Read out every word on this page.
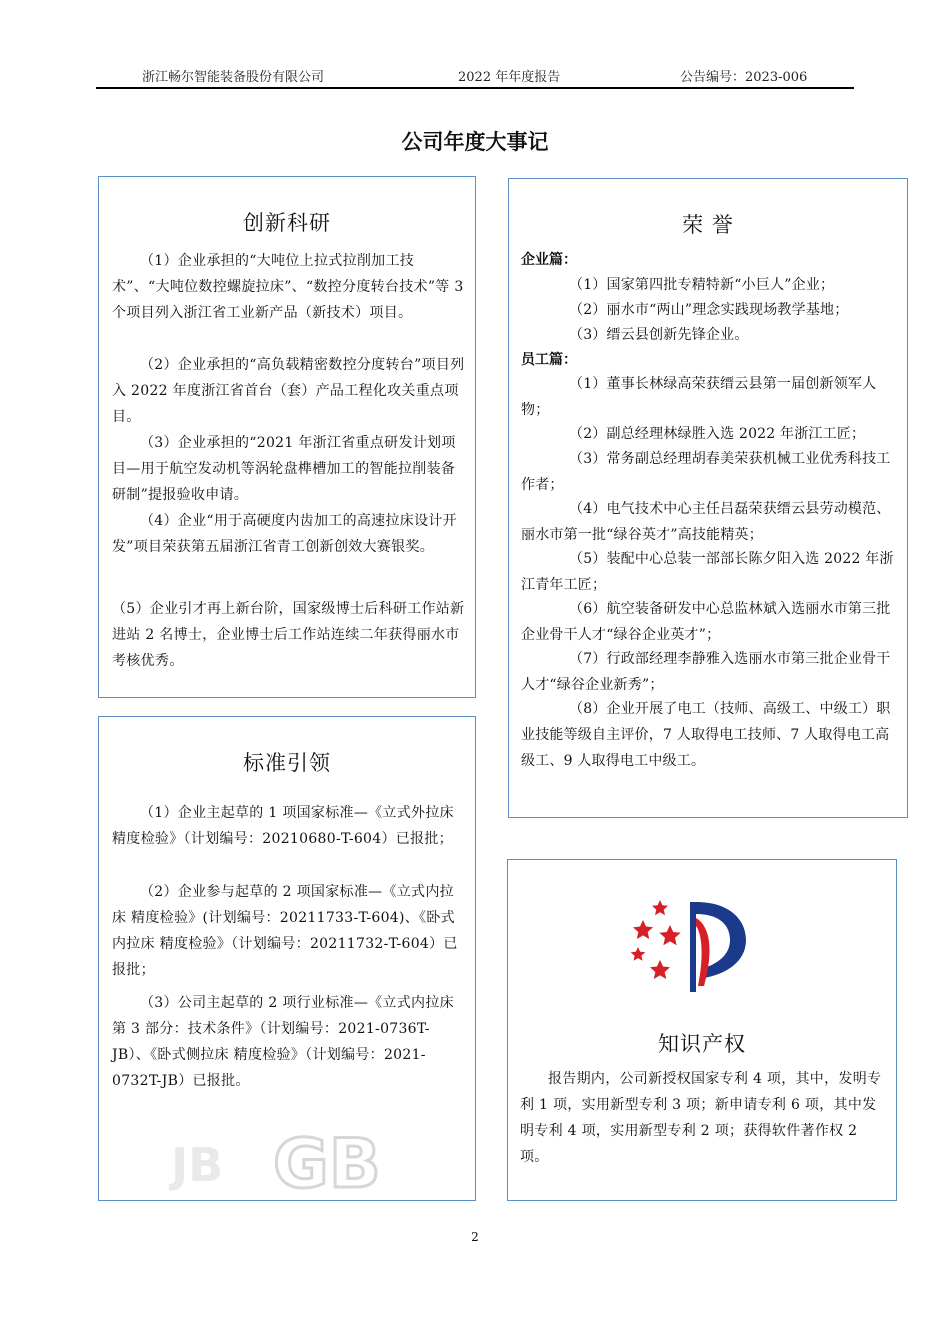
浙江畅尔智能装备股份有限公司	2022 年年度报告	公告编号：2023-006
公司年度大事记
创新科研
（1）企业承担的“大吨位上拉式拉削加工技术”、“大吨位数控螺旋拉床”、“数控分度转台技术”等 3 个项目列入浙江省工业新产品（新技术）项目。
（2）企业承担的“高负载精密数控分度转台”项目列入 2022 年度浙江省首台（套）产品工程化攻关重点项目。
（3）企业承担的“2021 年浙江省重点研发计划项目—用于航空发动机等涡轮盘榫槽加工的智能拉削装备研制”提报验收申请。
（4）企业“用于高硬度内齿加工的高速拉床设计开发”项目荣获第五届浙江省青工创新创效大赛银奖。
（5）企业引才再上新台阶，国家级博士后科研工作站新进站 2 名博士，企业博士后工作站连续二年获得丽水市考核优秀。
荣 誉
企业篇：
（1）国家第四批专精特新“小巨人”企业；
（2）丽水市“两山”理念实践现场教学基地；
（3）缙云县创新先锋企业。
员工篇：
（1）董事长林绿高荣获缙云县第一届创新领军人物；
（2）副总经理林绿胜入选 2022 年浙江工匠；
（3）常务副总经理胡春美荣获机械工业优秀科技工作者；
（4）电气技术中心主任吕磊荣获缙云县劳动模范、丽水市第一批“绿谷英才”高技能精英；
（5）装配中心总装一部部长陈夕阳入选 2022 年浙江青年工匠；
（6）航空装备研发中心总监林斌入选丽水市第三批企业骨干人才“绿谷企业英才”；
（7）行政部经理李静雅入选丽水市第三批企业骨干人才“绿谷企业新秀”；
（8）企业开展了电工（技师、高级工、中级工）职业技能等级自主评价，7 人取得电工技师、7 人取得电工高级工、9 人取得电工中级工。
标准引领
（1）企业主起草的 1 项国家标准—《立式外拉床 精度检验》（计划编号：20210680-T-604）已报批；
（2）企业参与起草的 2 项国家标准—《立式内拉床 精度检验》(计划编号：20211733-T-604)、《卧式内拉床 精度检验》（计划编号：20211732-T-604）已报批；
（3）公司主起草的 2 项行业标准—《立式内拉床 第 3 部分：技术条件》（计划编号：2021-0736T-JB）、《卧式侧拉床 精度检验》（计划编号：2021-0732T-JB）已报批。
JB GB
知识产权
报告期内，公司新授权国家专利 4 项，其中，发明专利 1 项，实用新型专利 3 项；新申请专利 6 项，其中发明专利 4 项，实用新型专利 2 项；获得软件著作权 2 项。
2
